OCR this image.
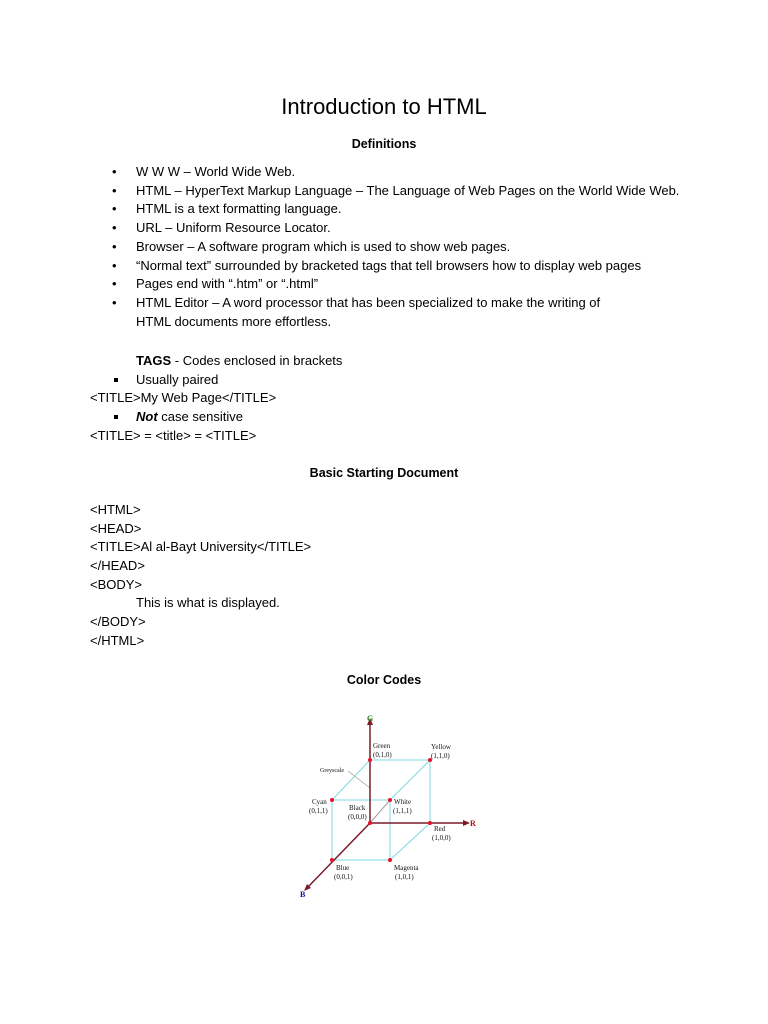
Introduction to HTML
Definitions
• W W W – World Wide Web.
• HTML – HyperText Markup Language – The Language of Web Pages on the World Wide Web.
• HTML is a text formatting language.
• URL – Uniform Resource Locator.
• Browser – A software program which is used to show web pages.
• “Normal text” surrounded by bracketed tags that tell browsers how to display web pages
• Pages end with “.htm” or “.html”
• HTML Editor – A word processor that has been specialized to make the writing of HTML documents more effortless.
TAGS - Codes enclosed in brackets
Usually paired
<TITLE>My Web Page</TITLE>
Not case sensitive
<TITLE> = <title> = <TITLE>
Basic Starting Document
<HTML>
<HEAD>
<TITLE>Al al-Bayt University</TITLE>
</HEAD>
<BODY>
This is what is displayed.
</BODY>
</HTML>
Color Codes
G
R
B
Green
(0,1,0)
Yellow
(1,1,0)
Greyscale
Cyan
(0,1,1)	Black
(0,0,0)
White
(1,1,1)
Red
(1,0,0)
Blue
(0,0,1)
Magenta
(1,0,1)
